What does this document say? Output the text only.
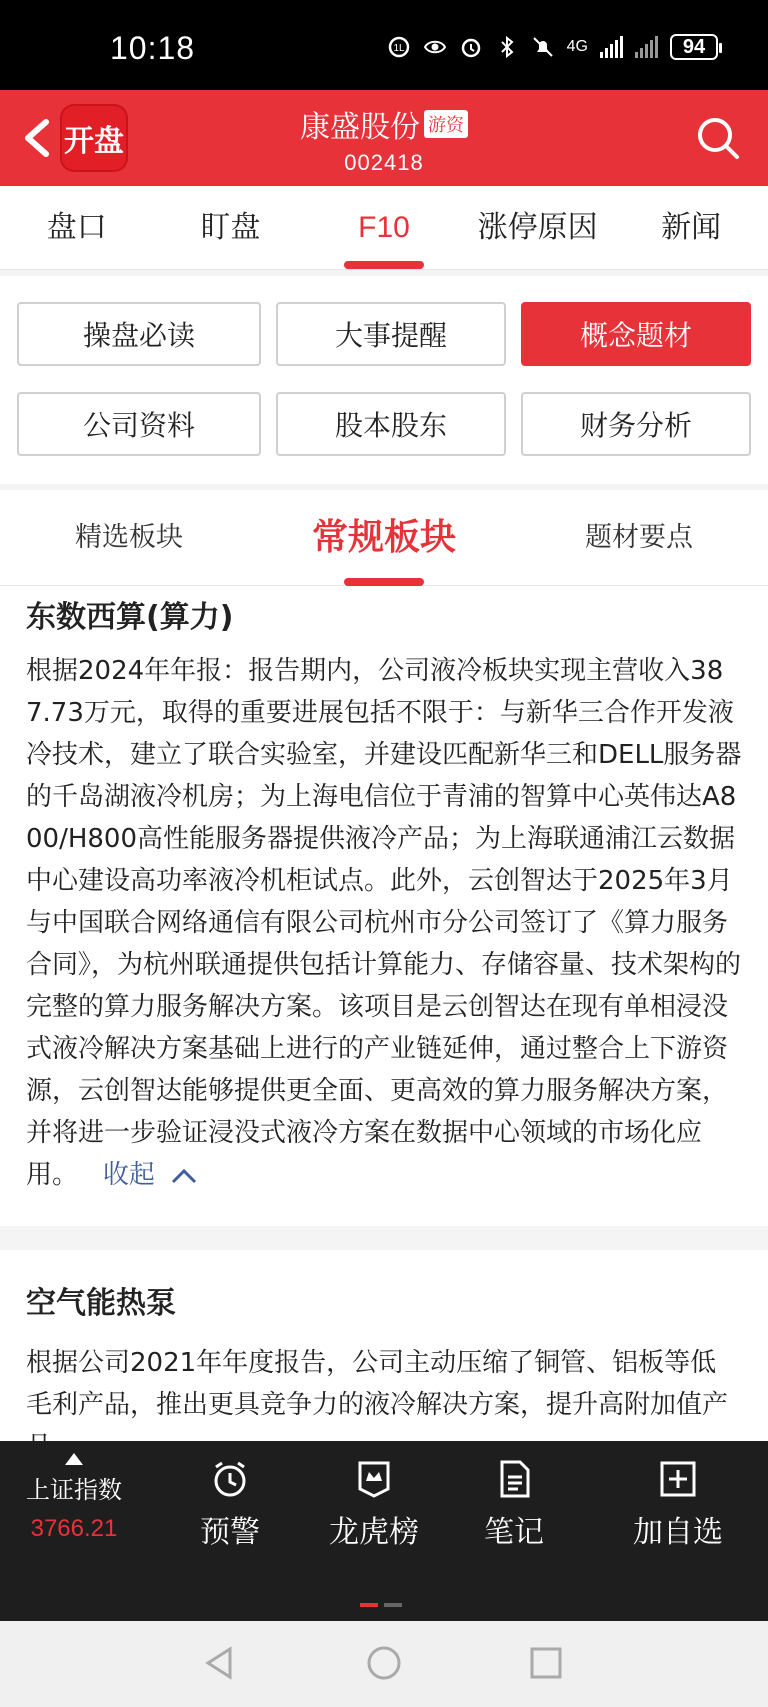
10:18	1L	4G	94
开盘	康盛股份 游资
002418
盘口	盯盘	F10	涨停原因	新闻
操盘必读	大事提醒	概念题材
公司资料	股本股东	财务分析
精选板块	常规板块	题材要点
东数西算(算力)
根据2024年年报：报告期内，公司液冷板块实现主营收入387.73万元，取得的重要进展包括不限于：与新华三合作开发液冷技术，建立了联合实验室，并建设匹配新华三和DELL服务器的千岛湖液冷机房；为上海电信位于青浦的智算中心英伟达A800/H800高性能服务器提供液冷产品；为上海联通浦江云数据中心建设高功率液冷机柜试点。此外，云创智达于2025年3月与中国联合网络通信有限公司杭州市分公司签订了《算力服务合同》，为杭州联通提供包括计算能力、存储容量、技术架构的完整的算力服务解决方案。该项目是云创智达在现有单相浸没式液冷解决方案基础上进行的产业链延伸，通过整合上下游资源，云创智达能够提供更全面、更高效的算力服务解决方案，并将进一步验证浸没式液冷方案在数据中心领域的市场化应用。 收起
空气能热泵
根据公司2021年年度报告，公司主动压缩了铜管、铝板等低毛利产品，推出更具竞争力的液冷解决方案，提升高附加值产
上证指数
3766.21	预警	龙虎榜	笔记	加自选
